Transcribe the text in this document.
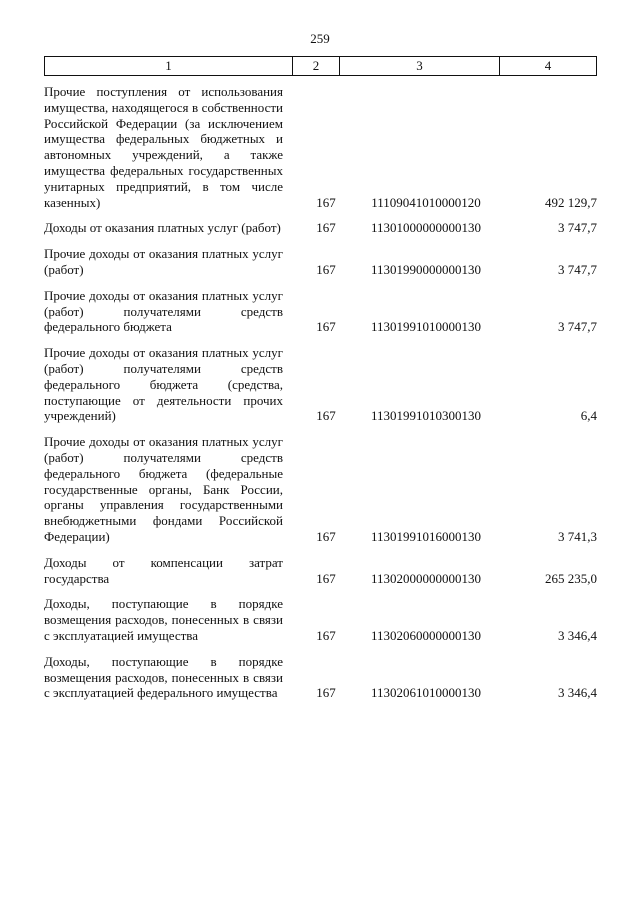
259
1	2	3	4
Прочие поступления от использования имущества, находящегося в собственности Российской Федерации (за исключением имущества федеральных бюджетных и автономных учреждений, а также имущества федеральных государственных унитарных предприятий, в том числе казенных)	167	11109041010000120	492 129,7
Доходы от оказания платных услуг (работ)	167	11301000000000130	3 747,7
Прочие доходы от оказания платных услуг (работ)	167	11301990000000130	3 747,7
Прочие доходы от оказания платных услуг (работ) получателями средств федерального бюджета	167	11301991010000130	3 747,7
Прочие доходы от оказания платных услуг (работ) получателями средств федерального бюджета (средства, поступающие от деятельности прочих учреждений)	167	11301991010300130	6,4
Прочие доходы от оказания платных услуг (работ) получателями средств федерального бюджета (федеральные государственные органы, Банк России, органы управления государственными внебюджетными фондами Российской Федерации)	167	11301991016000130	3 741,3
Доходы от компенсации затрат государства	167	11302000000000130	265 235,0
Доходы, поступающие в порядке возмещения расходов, понесенных в связи с эксплуатацией имущества	167	11302060000000130	3 346,4
Доходы, поступающие в порядке возмещения расходов, понесенных в связи с эксплуатацией федерального имущества	167	11302061010000130	3 346,4
